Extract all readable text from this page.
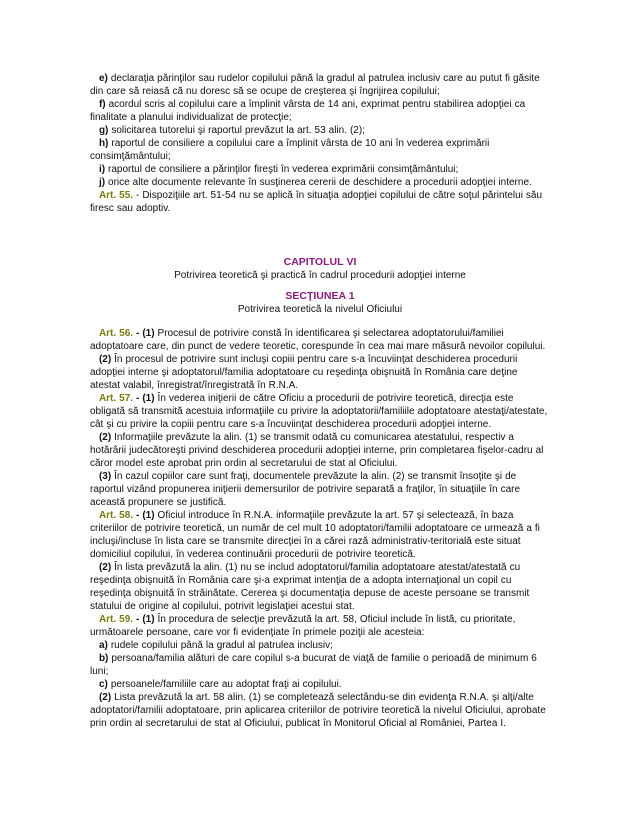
e) declaraţia părinţilor sau rudelor copilului până la gradul al patrulea inclusiv care au putut fi găsite din care să reiasă că nu doresc să se ocupe de creşterea şi îngrijirea copilului;

f) acordul scris al copilului care a împlinit vârsta de 14 ani, exprimat pentru stabilirea adopţiei ca finalitate a planului individualizat de protecţie;

g) solicitarea tutorelui şi raportul prevăzut la art. 53 alin. (2);

h) raportul de consiliere a copilului care a împlinit vârsta de 10 ani în vederea exprimării consimţământului;

i) raportul de consiliere a părinţilor fireşti în vederea exprimării consimţământului;

j) orice alte documente relevante în susţinerea cererii de deschidere a procedurii adopţiei interne.

Art. 55. - Dispoziţiile art. 51-54 nu se aplică în situaţia adopţiei copilului de către soţul părintelui său firesc sau adoptiv.

CAPITOLUL VI

Potrivirea teoretică şi practică în cadrul procedurii adopţiei interne

SECŢIUNEA 1

Potrivirea teoretică la nivelul Oficiului

Art. 56. - (1) Procesul de potrivire constă în identificarea şi selectarea adoptatorului/familiei adoptatoare care, din punct de vedere teoretic, corespunde în cea mai mare măsură nevoilor copilului.

(2) În procesul de potrivire sunt incluşi copiii pentru care s-a încuviinţat deschiderea procedurii adopţiei interne şi adoptatorul/familia adoptatoare cu reşedinţa obişnuită în România care deţine atestat valabil, înregistrat/înregistrată în R.N.A.

Art. 57. - (1) În vederea iniţierii de către Oficiu a procedurii de potrivire teoretică, direcţia este obligată să transmită acestuia informaţiile cu privire la adoptatorii/familiile adoptatoare atestaţi/atestate, cât şi cu privire la copiii pentru care s-a încuviinţat deschiderea procedurii adopţiei interne.

(2) Informaţiile prevăzute la alin. (1) se transmit odată cu comunicarea atestatului, respectiv a hotărârii judecătoreşti privind deschiderea procedurii adopţiei interne, prin completarea fişelor-cadru al căror model este aprobat prin ordin al secretarului de stat al Oficiului.

(3) În cazul copiilor care sunt fraţi, documentele prevăzute la alin. (2) se transmit însoţite şi de raportul vizând propunerea iniţierii demersurilor de potrivire separată a fraţilor, în situaţiile în care această propunere se justifică.

Art. 58. - (1) Oficiul introduce în R.N.A. informaţiile prevăzute la art. 57 şi selectează, în baza criteriilor de potrivire teoretică, un număr de cel mult 10 adoptatori/familii adoptatoare ce urmează a fi incluşi/incluse în lista care se transmite direcţiei în a cărei rază administrativ-teritorială este situat domiciliul copilului, în vederea continuării procedurii de potrivire teoretică.

(2) În lista prevăzută la alin. (1) nu se includ adoptatorul/familia adoptatoare atestat/atestată cu reşedinţa obişnuită în România care şi-a exprimat intenţia de a adopta internaţional un copil cu reşedinţa obişnuită în străinătate. Cererea şi documentaţia depuse de aceste persoane se transmit statului de origine al copilului, potrivit legislaţiei acestui stat.

Art. 59. - (1) În procedura de selecţie prevăzută la art. 58, Oficiul include în listă, cu prioritate, următoarele persoane, care vor fi evidenţiate în primele poziţii ale acesteia:

a) rudele copilului până la gradul al patrulea inclusiv;

b) persoana/familia alături de care copilul s-a bucurat de viaţă de familie o perioadă de minimum 6 luni;

c) persoanele/familiile care au adoptat fraţi ai copilului.

(2) Lista prevăzută la art. 58 alin. (1) se completează selectându-se din evidenţa R.N.A. şi alţi/alte adoptatori/familii adoptatoare, prin aplicarea criteriilor de potrivire teoretică la nivelul Oficiului, aprobate prin ordin al secretarului de stat al Oficiului, publicat în Monitorul Oficial al României, Partea I.
